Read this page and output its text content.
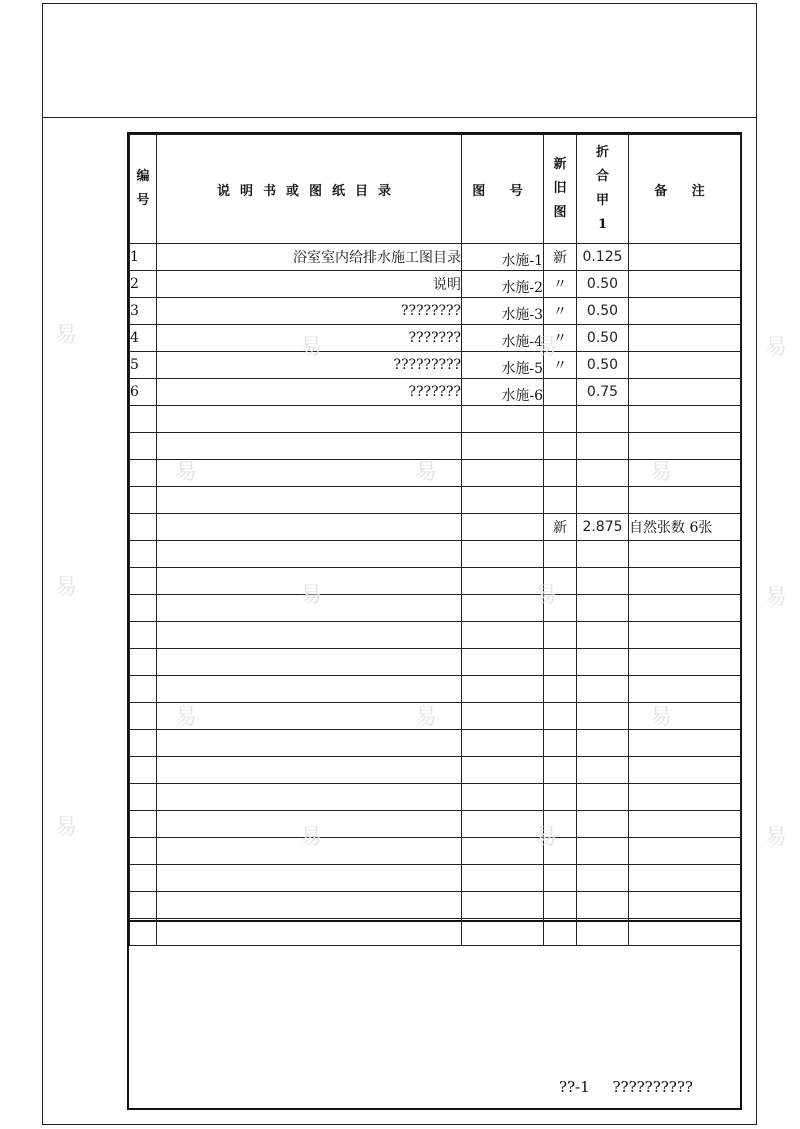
编号	说明书或图纸目录	图 号	新旧图	折合甲1	备 注
1	浴室室内给排水施工图目录	水施-1	新	0.125	
2	说明	水施-2	〃	0.50	
3	????????	水施-3	〃	0.50	
4	???????	水施-4	〃	0.50	
5	?????????	水施-5	〃	0.50	
6	???????	水施-6		0.75	

			新	2.875	自然张数 6张

??-1 ??????????
易	易	易	易
易	易	易
易	易	易	易
易	易	易
易	易	易	易
